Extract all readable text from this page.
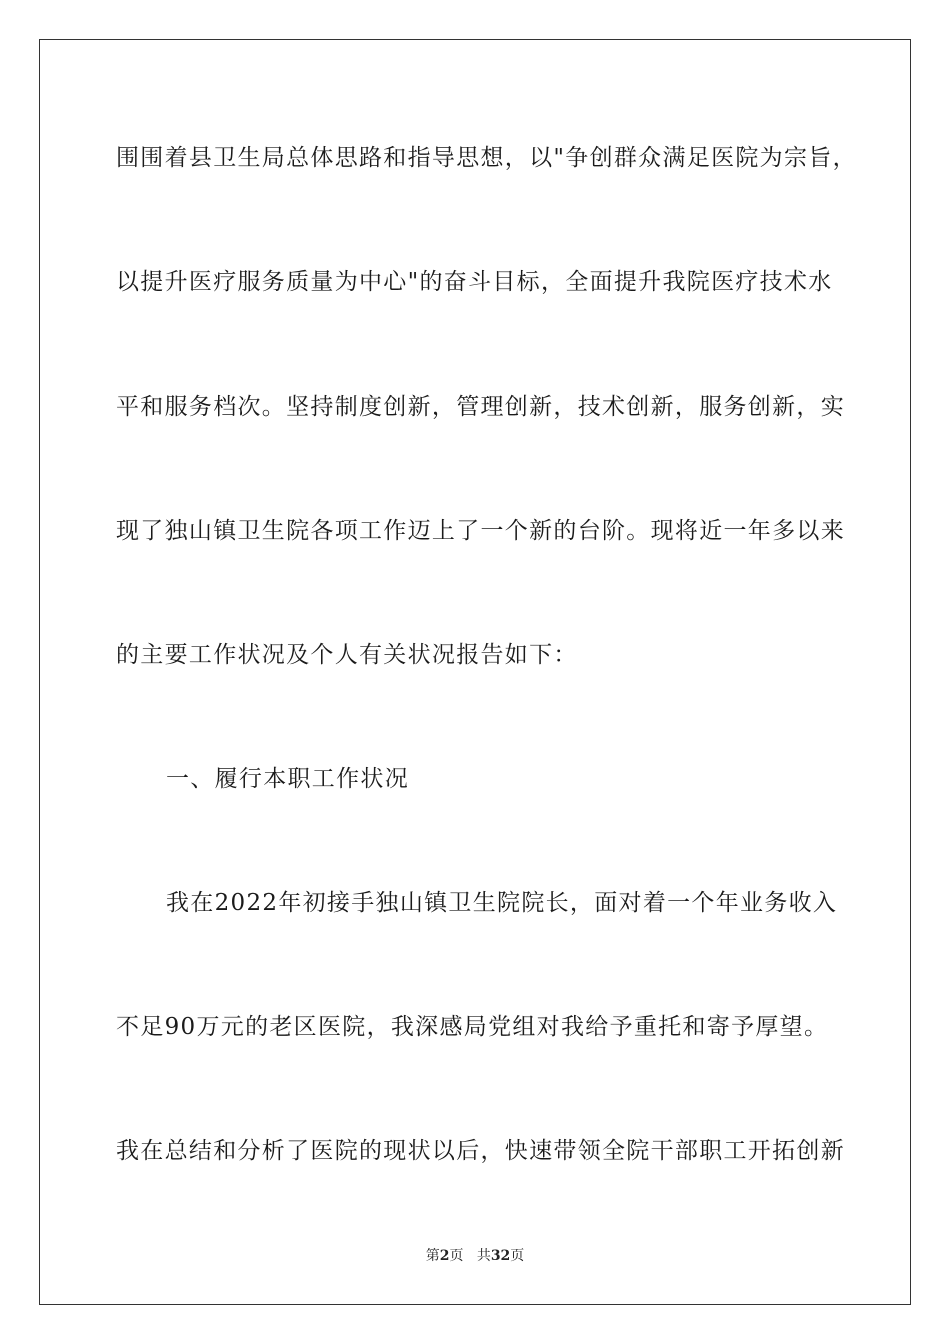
围围着县卫生局总体思路和指导思想，以"争创群众满足医院为宗旨，
以提升医疗服务质量为中心"的奋斗目标，全面提升我院医疗技术水
平和服务档次。坚持制度创新，管理创新，技术创新，服务创新，实
现了独山镇卫生院各项工作迈上了一个新的台阶。现将近一年多以来
的主要工作状况及个人有关状况报告如下：
一、履行本职工作状况
我在2022年初接手独山镇卫生院院长，面对着一个年业务收入
不足90万元的老区医院，我深感局党组对我给予重托和寄予厚望。
我在总结和分析了医院的现状以后，快速带领全院干部职工开拓创新
第2页 共32页
